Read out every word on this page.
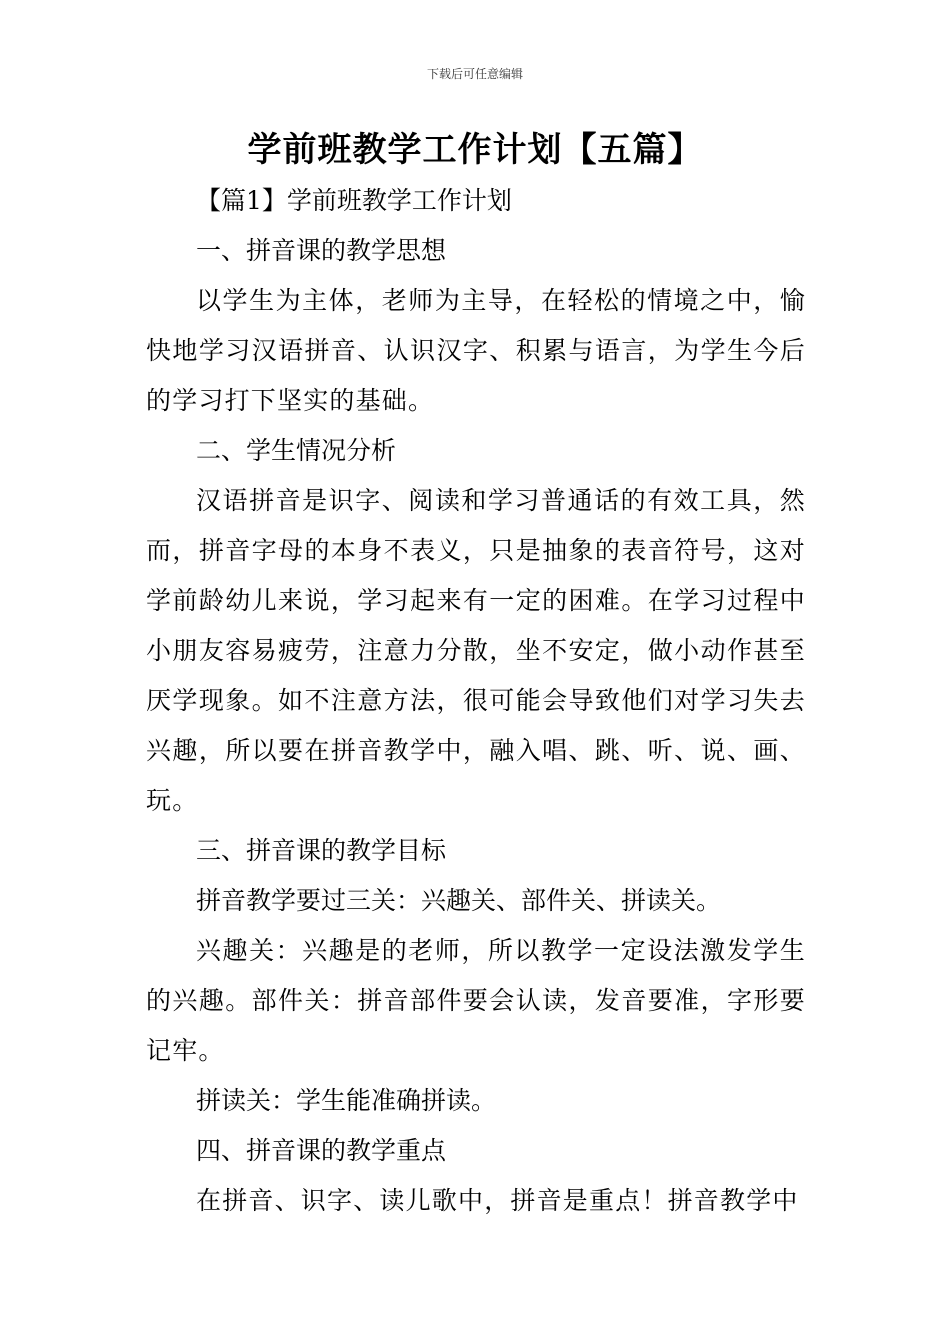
下载后可任意编辑
学前班教学工作计划【五篇】

【篇1】学前班教学工作计划

一、拼音课的教学思想

以学生为主体，老师为主导，在轻松的情境之中，愉快地学习汉语拼音、认识汉字、积累与语言，为学生今后的学习打下坚实的基础。

二、学生情况分析

汉语拼音是识字、阅读和学习普通话的有效工具，然而，拼音字母的本身不表义，只是抽象的表音符号，这对学前龄幼儿来说，学习起来有一定的困难。在学习过程中小朋友容易疲劳，注意力分散，坐不安定，做小动作甚至厌学现象。如不注意方法，很可能会导致他们对学习失去兴趣，所以要在拼音教学中，融入唱、跳、听、说、画、玩。

三、拼音课的教学目标

拼音教学要过三关：兴趣关、部件关、拼读关。

兴趣关：兴趣是的老师，所以教学一定设法激发学生的兴趣。部件关：拼音部件要会认读，发音要准，字形要记牢。

拼读关：学生能准确拼读。

四、拼音课的教学重点

在拼音、识字、读儿歌中，拼音是重点！拼音教学中
